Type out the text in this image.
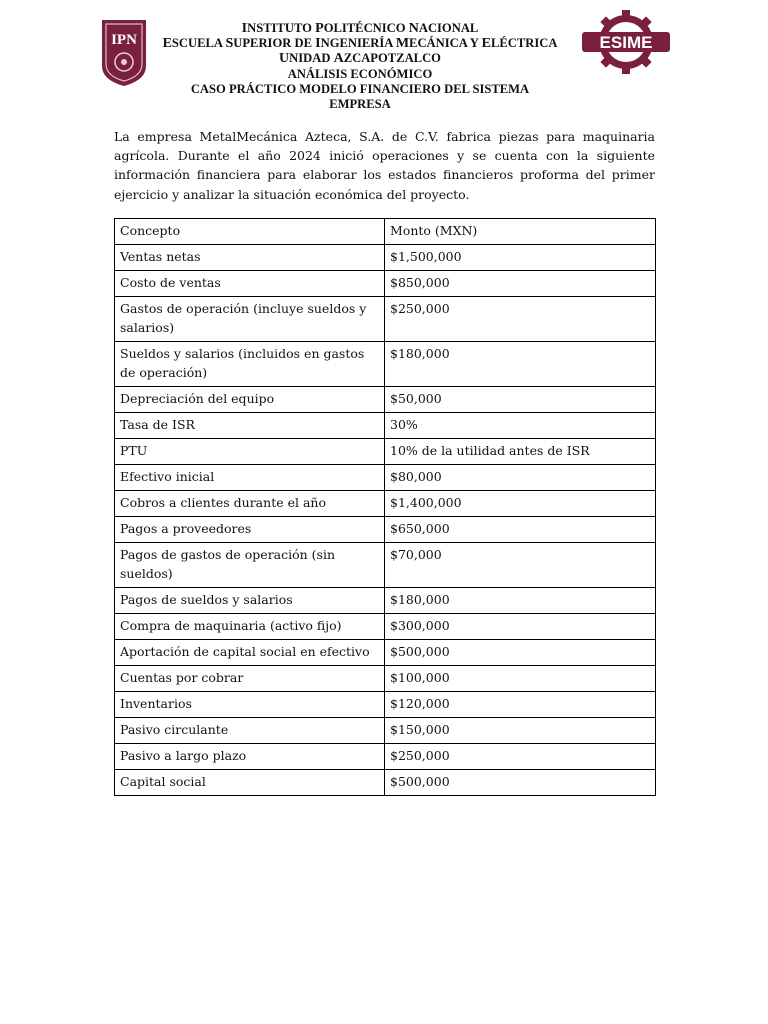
IPN	ESIME
INSTITUTO POLITÉCNICO NACIONAL
ESCUELA SUPERIOR DE INGENIERÍA MECÁNICA Y ELÉCTRICA
UNIDAD AZCAPOTZALCO
ANÁLISIS ECONÓMICO
CASO PRÁCTICO MODELO FINANCIERO DEL SISTEMA
EMPRESA

La empresa MetalMecánica Azteca, S.A. de C.V. fabrica piezas para maquinaria agrícola. Durante el año 2024 inició operaciones y se cuenta con la siguiente información financiera para elaborar los estados financieros proforma del primer ejercicio y analizar la situación económica del proyecto.

Concepto	Monto (MXN)
Ventas netas	$1,500,000
Costo de ventas	$850,000
Gastos de operación (incluye sueldos y salarios)	$250,000
Sueldos y salarios (incluidos en gastos de operación)	$180,000
Depreciación del equipo	$50,000
Tasa de ISR	30%
PTU	10% de la utilidad antes de ISR
Efectivo inicial	$80,000
Cobros a clientes durante el año	$1,400,000
Pagos a proveedores	$650,000
Pagos de gastos de operación (sin sueldos)	$70,000
Pagos de sueldos y salarios	$180,000
Compra de maquinaria (activo fijo)	$300,000
Aportación de capital social en efectivo	$500,000
Cuentas por cobrar	$100,000
Inventarios	$120,000
Pasivo circulante	$150,000
Pasivo a largo plazo	$250,000
Capital social	$500,000
